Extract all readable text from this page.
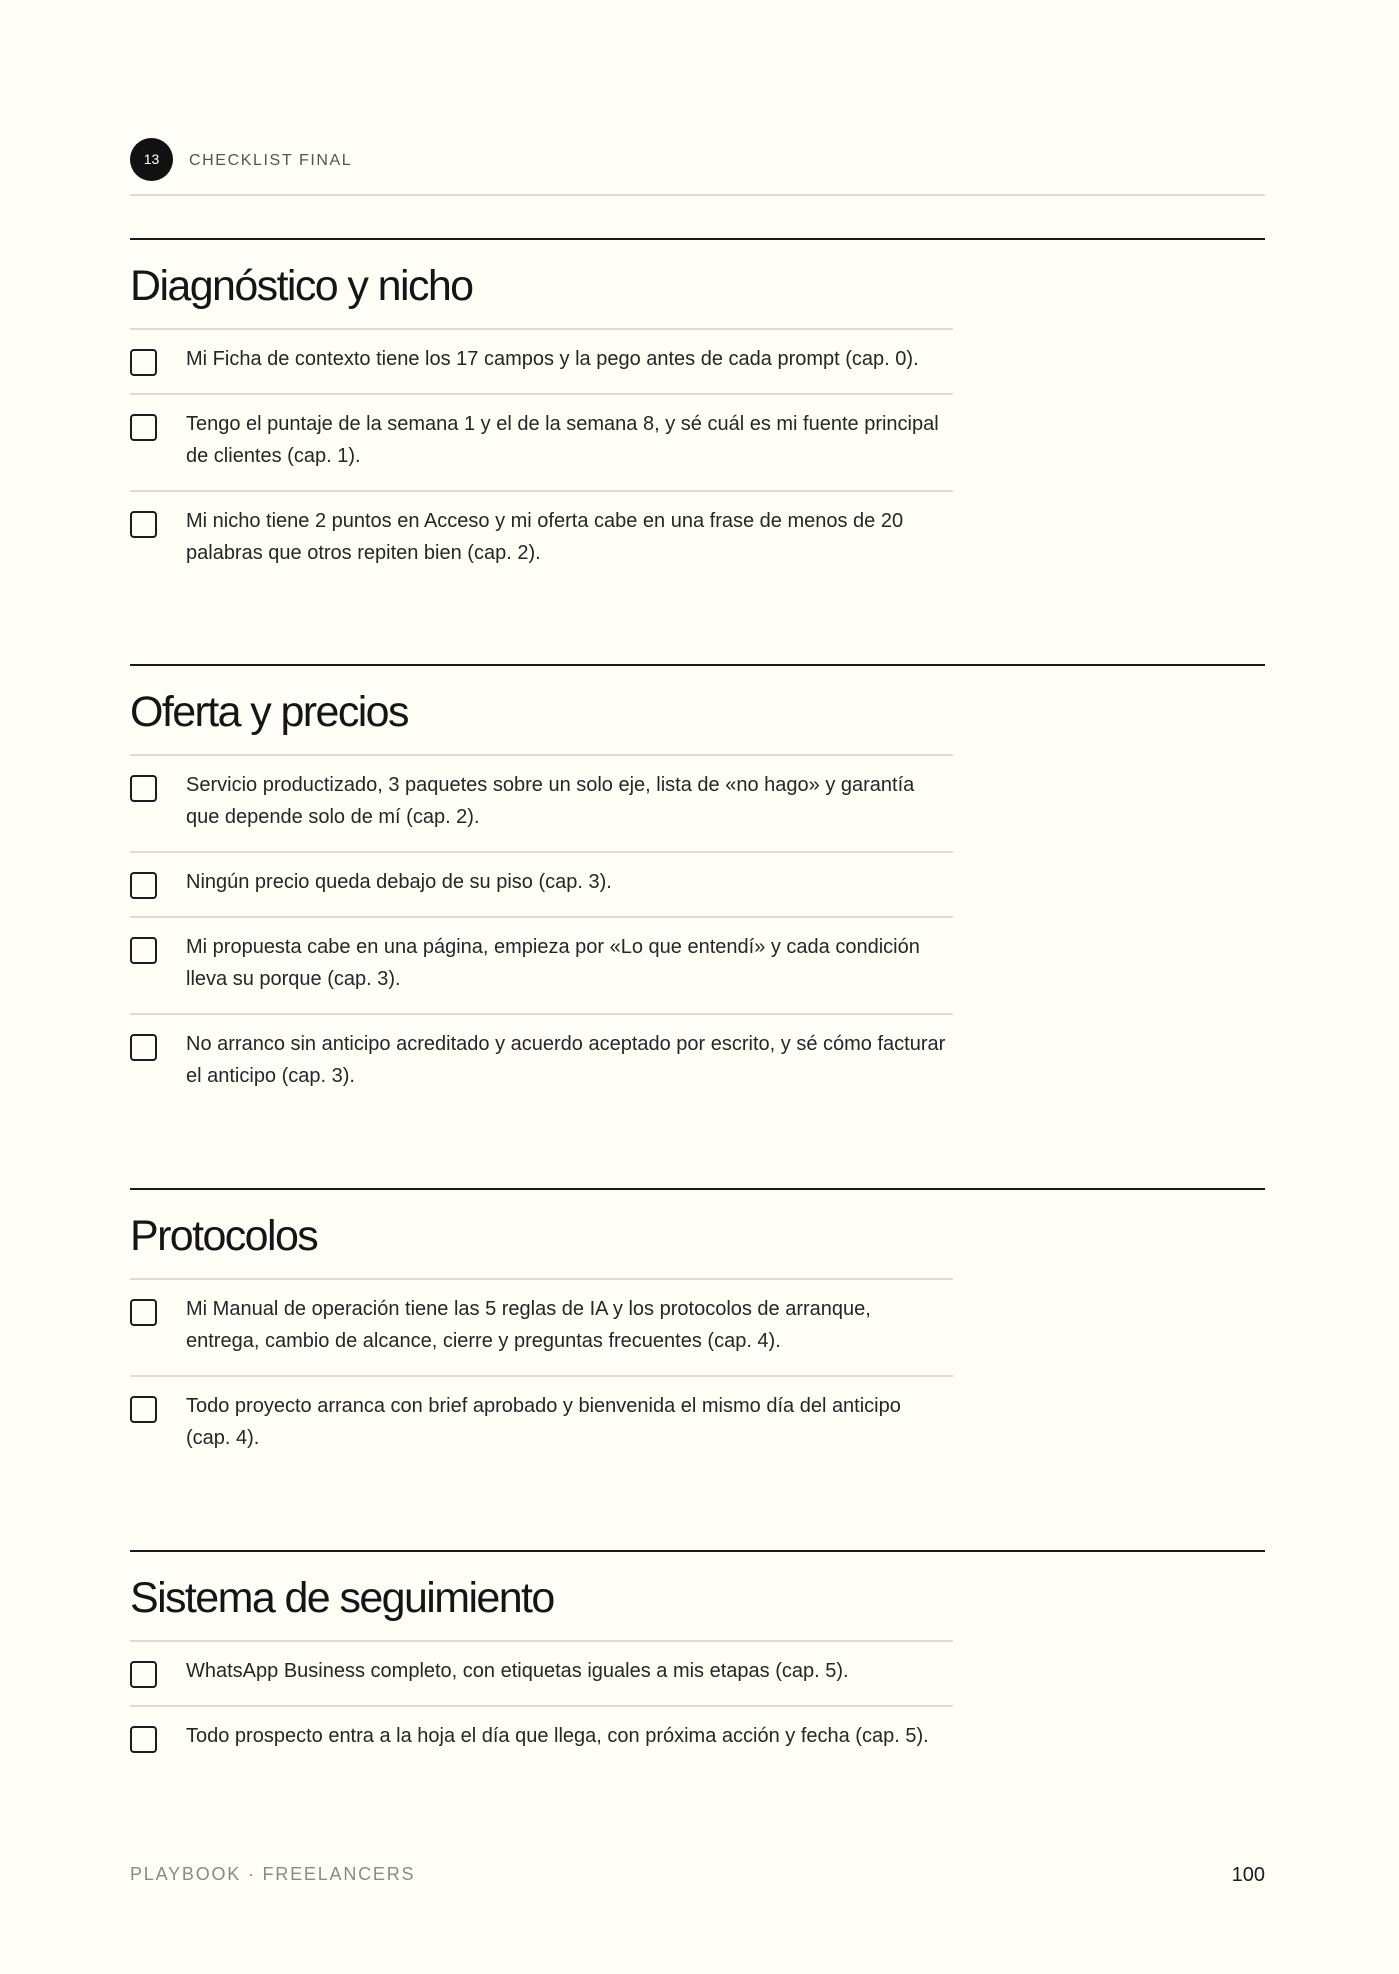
13	CHECKLIST FINAL
Diagnóstico y nicho
Mi Ficha de contexto tiene los 17 campos y la pego antes de cada prompt (cap. 0).
Tengo el puntaje de la semana 1 y el de la semana 8, y sé cuál es mi fuente principal de clientes (cap. 1).
Mi nicho tiene 2 puntos en Acceso y mi oferta cabe en una frase de menos de 20 palabras que otros repiten bien (cap. 2).
Oferta y precios
Servicio productizado, 3 paquetes sobre un solo eje, lista de «no hago» y garantía que depende solo de mí (cap. 2).
Ningún precio queda debajo de su piso (cap. 3).
Mi propuesta cabe en una página, empieza por «Lo que entendí» y cada condición lleva su porque (cap. 3).
No arranco sin anticipo acreditado y acuerdo aceptado por escrito, y sé cómo facturar el anticipo (cap. 3).
Protocolos
Mi Manual de operación tiene las 5 reglas de IA y los protocolos de arranque, entrega, cambio de alcance, cierre y preguntas frecuentes (cap. 4).
Todo proyecto arranca con brief aprobado y bienvenida el mismo día del anticipo (cap. 4).
Sistema de seguimiento
WhatsApp Business completo, con etiquetas iguales a mis etapas (cap. 5).
Todo prospecto entra a la hoja el día que llega, con próxima acción y fecha (cap. 5).
PLAYBOOK · FREELANCERS	100
